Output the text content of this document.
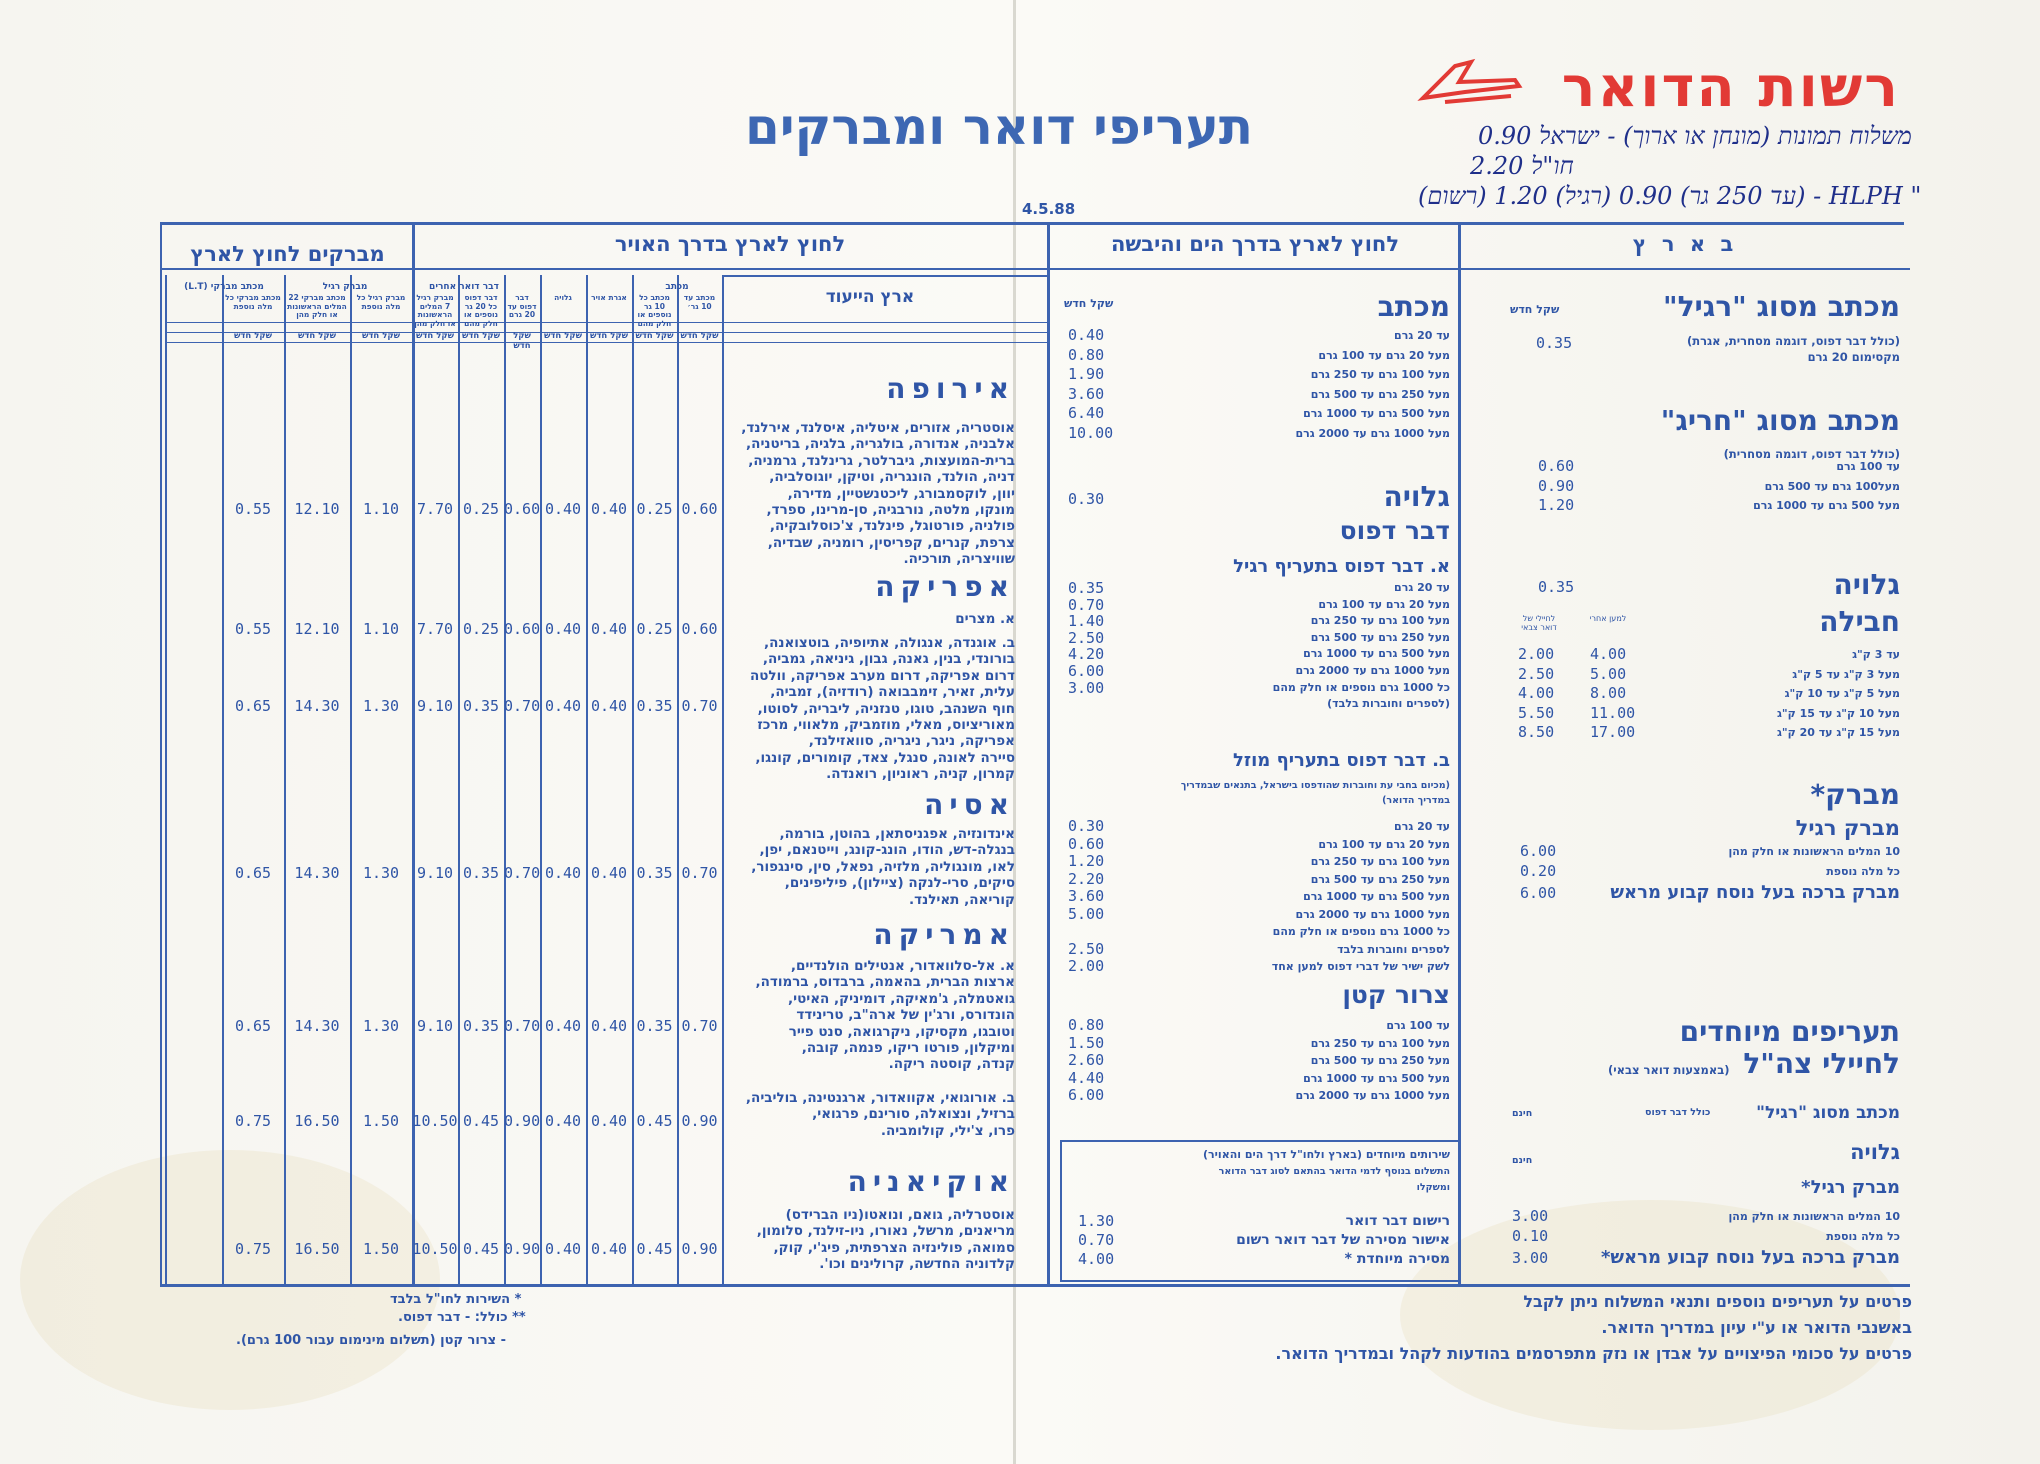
רשות הדואר
משלוח תמונות (מונחן או ארוך) - ישראל 0.90
חו"ל 2.20
" HLPH - (עד 250 גר) 0.90 (רגיל) 1.20 (רשום)
תעריפי דואר ומברקים
4.5.88
ב א ר ץ
לחוץ לארץ בדרך הים והיבשה
לחוץ לארץ בדרך האויר
מברקים לחוץ לארץ
מכתב מסוג "רגיל"
שקל חדש
(כולל דבר דפוס, דוגמה מסחרית, אגרת)
מקסימום 20 גרם
0.35
מכתב מסוג "חריג"
(כולל דבר דפוס, דוגמה מסחרית)
עד 100 גרם
מעל100 גרם עד 500 גרם
מעל 500 גרם עד 1000 גרם
0.60
0.90
1.20
גלויה
0.35
חבילה
למען אחרי
לחיילי של דואר צבאי
עד 3 ק"ג
מעל 3 ק"ג עד 5 ק"ג
מעל 5 ק"ג עד 10 ק"ג
מעל 10 ק"ג עד 15 ק"ג
מעל 15 ק"ג עד 20 ק"ג
4.00
5.00
8.00
11.00
17.00
2.00
2.50
4.00
5.50
8.50
מברק*
מברק רגיל
10 המלים הראשונות או חלק מהן
כל מלה נוספת
6.00
0.20
מברק ברכה בעל נוסח קבוע מראש
6.00
תעריפים מיוחדים
לחיילי צה"ל
(באמצעות דואר צבאי)
מכתב מסוג "רגיל"
כולל דבר דפוס
חינם
גלויה
חינם
מברק רגיל*
10 המלים הראשונות או חלק מהן
כל מלה נוספת
3.00
0.10
מברק ברכה בעל נוסח קבוע מראש*
3.00
פרטים על תעריפים נוספים ותנאי המשלוח ניתן לקבל
באשנבי הדואר או ע"י עיון במדריך הדואר.
פרטים על סכומי הפיצויים על אבדן או נזק מתפרסמים בהודעות לקהל ובמדריך הדואר.
מכתב
שקל חדש
עד 20 גרם
מעל 20 גרם עד 100 גרם
מעל 100 גרם עד 250 גרם
מעל 250 גרם עד 500 גרם
מעל 500 גרם עד 1000 גרם
מעל 1000 גרם עד 2000 גרם
0.40
0.80
1.90
3.60
6.40
10.00
גלויה
0.30
דבר דפוס
א. דבר דפוס בתעריף רגיל
עד 20 גרם
מעל 20 גרם עד 100 גרם
מעל 100 גרם עד 250 גרם
מעל 250 גרם עד 500 גרם
מעל 500 גרם עד 1000 גרם
מעל 1000 גרם עד 2000 גרם
כל 1000 גרם נוספים או חלק מהם
(לספרים וחוברות בלבד)
0.35
0.70
1.40
2.50
4.20
6.00
3.00

ב. דבר דפוס בתעריף מוזל
(מכיום בחבי עת וחוברות שהודפסו בישראל, בתנאים שבמדריך
במדריך הדואר)
עד 20 גרם
מעל 20 גרם עד 100 גרם
מעל 100 גרם עד 250 גרם
מעל 250 גרם עד 500 גרם
מעל 500 גרם עד 1000 גרם
מעל 1000 גרם עד 2000 גרם
כל 1000 גרם נוספים או חלק מהם
לספרים וחוברות בלבד
לשק ישיר של דברי דפוס למען אחד
0.30
0.60
1.20
2.20
3.60
5.00

2.50
2.00
צרור קטן
עד 100 גרם
מעל 100 גרם עד 250 גרם
מעל 250 גרם עד 500 גרם
מעל 500 גרם עד 1000 גרם
מעל 1000 גרם עד 2000 גרם
0.80
1.50
2.60
4.40
6.00
שירותים מיוחדים (בארץ ולחו"ל דרך הים והאויר)
התשלום בנוסף לדמי הדואר בהתאם לסוג דבר הדואר
ומשקלו
רישום דבר דואר
אישור מסירה של דבר דואר רשום
מסירה מיוחדת *
1.30
0.70
4.00
ארץ הייעוד
מכתב
דבר דואר אחרים
מברק רגיל
מכתב מברקי (L.T)
מכתב עד 10 גר׳
מכתב כל 10 גר נוספים או חלק מהם
אגרת אויר
גלויה
דבר דפוס עד 20 גרם
דבר דפוס כל 20 גר נוספים או חלק מהם
מברק רגיל 7 המלים הראשונות או חלק מהן
מברק רגיל כל מלה נוספת
מכתב מברקי 22 המלים הראשונות או חלק מהן
מכתב מברקי כל מלה נוספת
שקל חדש
שקל חדש
שקל חדש
שקל חדש
שקל חדש
שקל חדש
שקל חדש
שקל חדש
שקל חדש
שקל חדש
אירופה
אוסטריה, אזורים, איטליה, איסלנד, אירלנד,
אלבניה, אנדורה, בולגריה, בלגיה, בריטניה,
ברית-המועצות, גיברלטר, גרינלנד, גרמניה,
דניה, הולנד, הונגריה, וטיקן, יוגוסלביה,
יוון, לוקסמבורג, ליכטנשטיין, מדירה,
מונקו, מלטה, נורבגיה, סן-מרינו, ספרד,
פולניה, פורטוגל, פינלנד, צ'כוסלובקיה,
צרפת, קנרים, קפריסין, רומניה, שבדיה,
שוויצריה, תורכיה.
אפריקה
א. מצרים
ב. אוגנדה, אנגולה, אתיופיה, בוטצואנה,
בורונדי, בנין, גאנה, גבון, גיניאה, גמביה,
דרום אפריקה, דרום מערב אפריקה, וולטה
עלית, זאיר, זימבבואה (רודזיה), זמביה,
חוף השנהב, טוגו, טנזניה, ליבריה, לסוטו,
מאוריציוס, מאלי, מוזמביק, מלאווי, מרכז
אפריקה, ניגר, ניגריה, סוואזילנד,
סיירה לאונה, סנגל, צאד, קומורים, קונגו,
קמרון, קניה, ראוניון, רואנדה.
אסיה
אינדונזיה, אפגניסתאן, בהוטן, בורמה,
בנגלה-דש, הודו, הונג-קונג, וייטנאם, יפן,
לאו, מונגוליה, מלזיה, נפאל, סין, סינגפור,
סיקים, סרי-לנקה (ציילון), פיליפינים,
קוריאה, תאילנד.
אמריקה
א. אל-סלוואדור, אנטילים הולנדיים,
ארצות הברית, בהאמה, ברבדוס, ברמודה,
גואטמלה, ג'מאיקה, דומיניק, האיטי,
הונדורס, ורג'ין של ארה"ב, טרינידד
וטובגו, מקסיקו, ניקרגואה, סנט פייר
ומיקלון, פורטו ריקו, פנמה, קובה,
קנדה, קוסטה ריקה.
ב. אורוגואי, אקוואדור, ארגנטינה, בוליביה,
ברזיל, ונצואלה, סורינם, פרגואי,
פרו, צ'ילי, קולומביה.
אוקיאניה
אוסטרליה, גואם, ונואטו(ניו הברידס)
מריאנים, מרשל, נאורו, ניו-זילנד, סלומון,
סמואה, פולינזיה הצרפתית, פיג'י, קוק,
קלדוניה החדשה, קרולינים וכו'.
0.60
0.25
0.40
0.40
0.60
0.25
7.70
1.10
12.10
0.55
0.60
0.25
0.40
0.40
0.60
0.25
7.70
1.10
12.10
0.55
0.70
0.35
0.40
0.40
0.70
0.35
9.10
1.30
14.30
0.65
0.70
0.35
0.40
0.40
0.70
0.35
9.10
1.30
14.30
0.65
0.70
0.35
0.40
0.40
0.70
0.35
9.10
1.30
14.30
0.65
0.90
0.45
0.40
0.40
0.90
0.45
10.50
1.50
16.50
0.75
0.90
0.45
0.40
0.40
0.90
0.45
10.50
1.50
16.50
0.75
* השירות לחו"ל בלבד
** כולל: - דבר דפוס.
- צרור קטן (תשלום מינימום עבור 100 גרם).
